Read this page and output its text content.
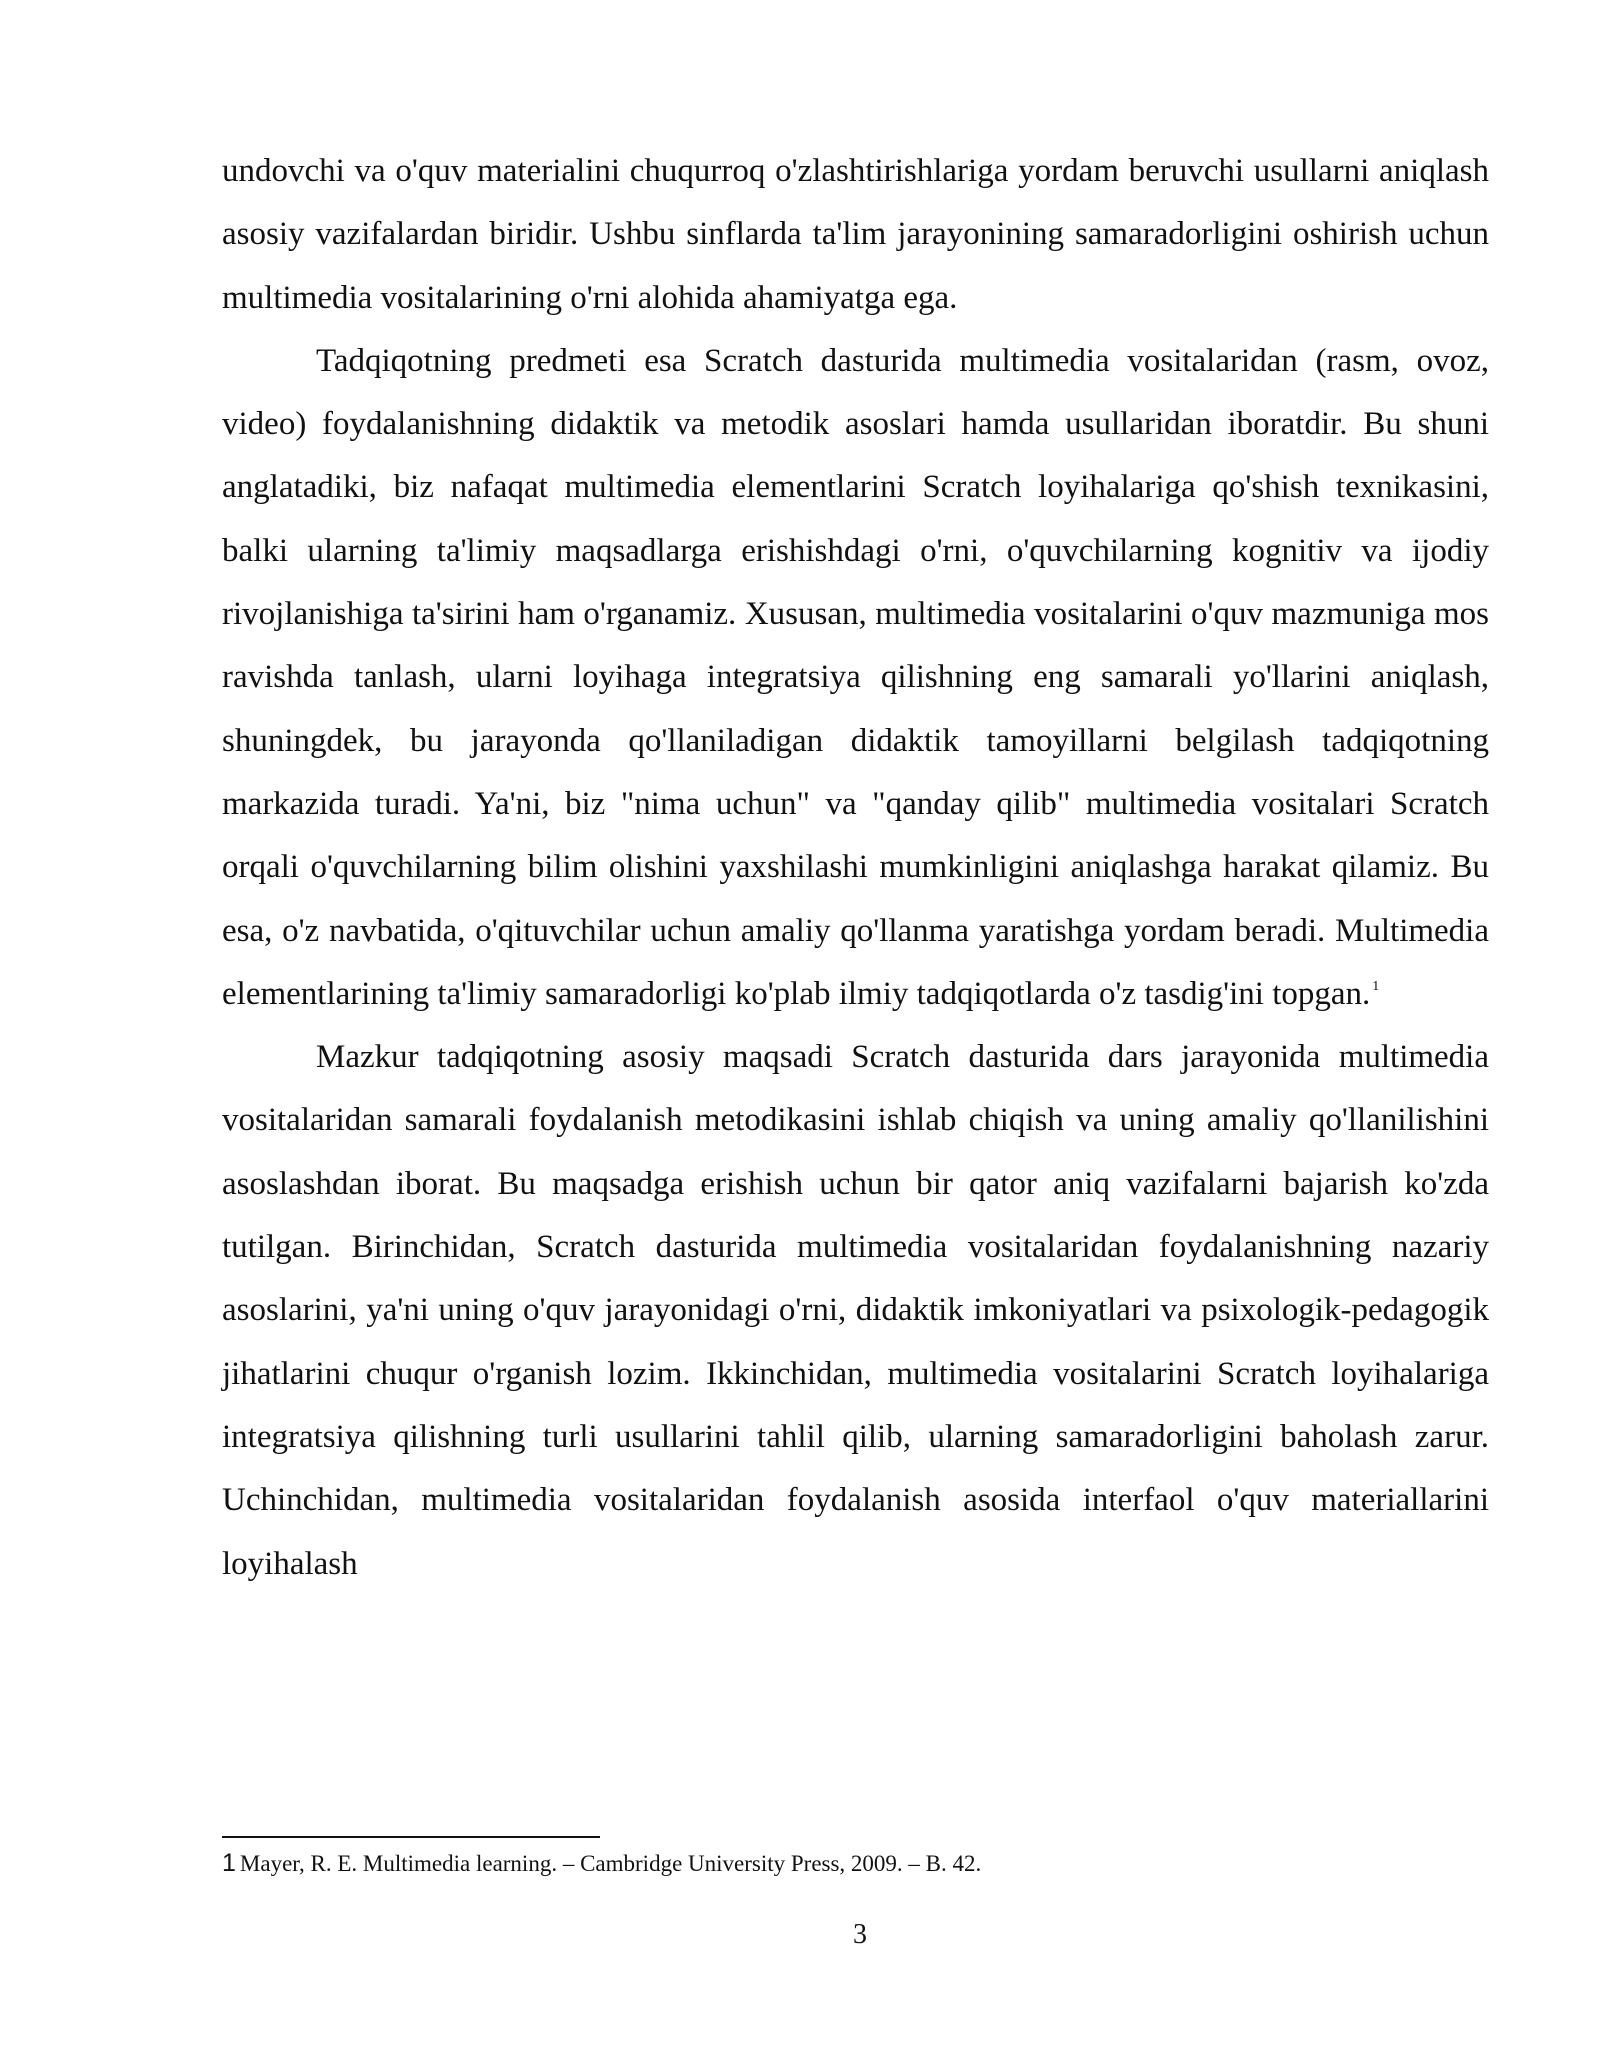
undovchi va o'quv materialini chuqurroq o'zlashtirishlariga yordam beruvchi usullarni aniqlash asosiy vazifalardan biridir. Ushbu sinflarda ta'lim jarayonining samaradorligini oshirish uchun multimedia vositalarining o'rni alohida ahamiyatga ega.

Tadqiqotning predmeti esa Scratch dasturida multimedia vositalaridan (rasm, ovoz, video) foydalanishning didaktik va metodik asoslari hamda usullaridan iboratdir. Bu shuni anglatadiki, biz nafaqat multimedia elementlarini Scratch loyihalariga qo'shish texnikasini, balki ularning ta'limiy maqsadlarga erishishdagi o'rni, o'quvchilarning kognitiv va ijodiy rivojlanishiga ta'sirini ham o'rganamiz. Xususan, multimedia vositalarini o'quv mazmuniga mos ravishda tanlash, ularni loyihaga integratsiya qilishning eng samarali yo'llarini aniqlash, shuningdek, bu jarayonda qo'llaniladigan didaktik tamoyillarni belgilash tadqiqotning markazida turadi. Ya'ni, biz "nima uchun" va "qanday qilib" multimedia vositalari Scratch orqali o'quvchilarning bilim olishini yaxshilashi mumkinligini aniqlashga harakat qilamiz. Bu esa, o'z navbatida, o'qituvchilar uchun amaliy qo'llanma yaratishga yordam beradi. Multimedia elementlarining ta'limiy samaradorligi ko'plab ilmiy tadqiqotlarda o'z tasdig'ini topgan. $^1$

Mazkur tadqiqotning asosiy maqsadi Scratch dasturida dars jarayonida multimedia vositalaridan samarali foydalanish metodikasini ishlab chiqish va uning amaliy qo'llanilishini asoslashdan iborat. Bu maqsadga erishish uchun bir qator aniq vazifalarni bajarish ko'zda tutilgan. Birinchidan, Scratch dasturida multimedia vositalaridan foydalanishning nazariy asoslarini, ya'ni uning o'quv jarayonidagi o'rni, didaktik imkoniyatlari va psixologik-pedagogik jihatlarini chuqur o'rganish lozim. Ikkinchidan, multimedia vositalarini Scratch loyihalariga integratsiya qilishning turli usullarini tahlil qilib, ularning samaradorligini baholash zarur. Uchinchidan, multimedia vositalaridan foydalanish asosida interfaol o'quv materiallarini loyihalash

1 Mayer, R. E. Multimedia learning. – Cambridge University Press, 2009. – B. 42.
3
